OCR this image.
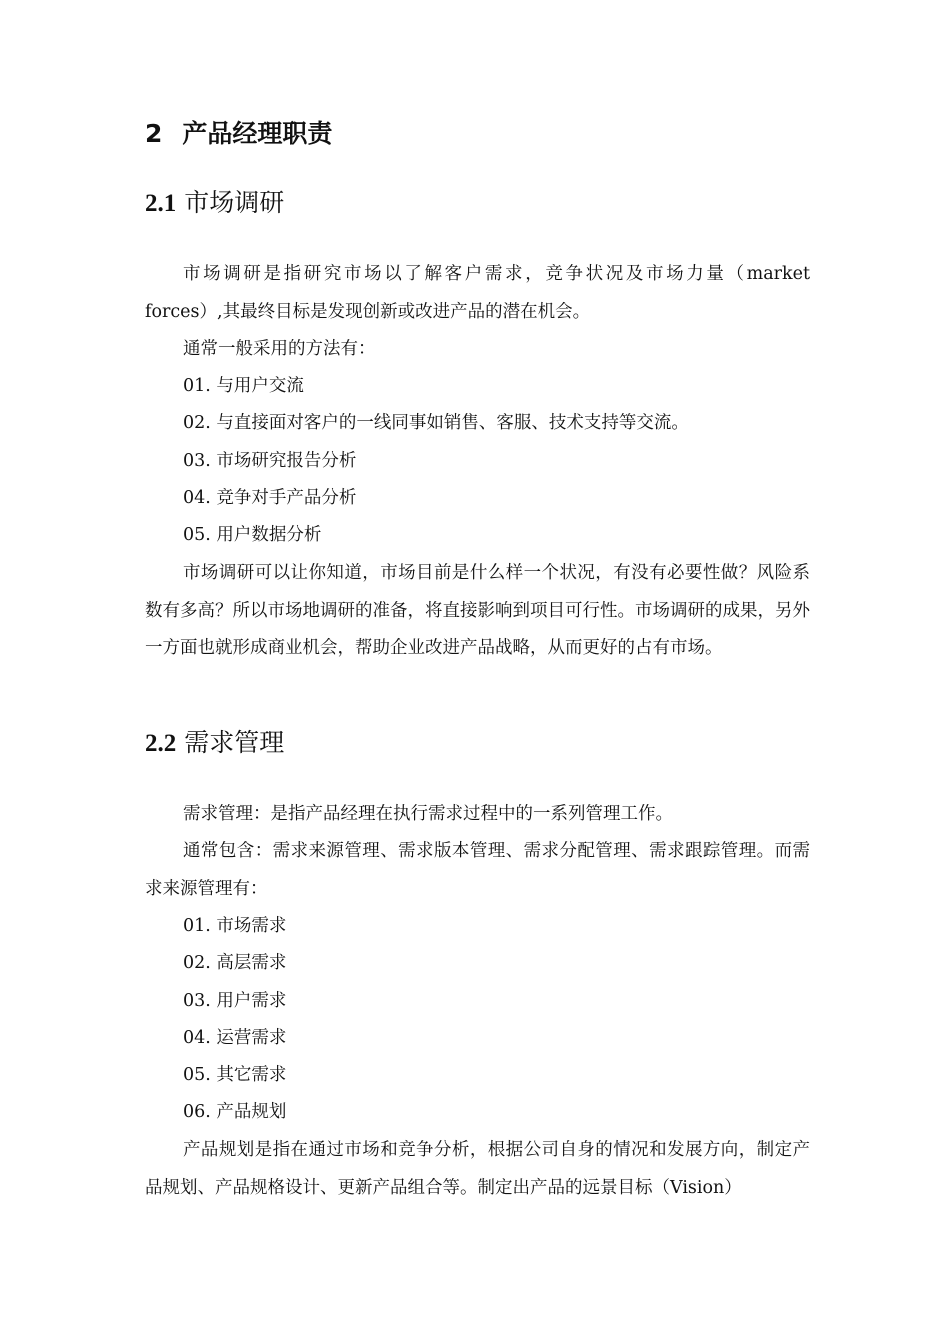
2 产品经理职责
2.1 市场调研
市场调研是指研究市场以了解客户需求，竞争状况及市场力量（market forces）,其最终目标是发现创新或改进产品的潜在机会。
通常一般采用的方法有：
01. 与用户交流
02. 与直接面对客户的一线同事如销售、客服、技术支持等交流。
03. 市场研究报告分析
04. 竞争对手产品分析
05. 用户数据分析
市场调研可以让你知道，市场目前是什么样一个状况，有没有必要性做？风险系数有多高？所以市场地调研的准备，将直接影响到项目可行性。市场调研的成果，另外一方面也就形成商业机会，帮助企业改进产品战略，从而更好的占有市场。
2.2 需求管理
需求管理：是指产品经理在执行需求过程中的一系列管理工作。
通常包含：需求来源管理、需求版本管理、需求分配管理、需求跟踪管理。而需求来源管理有：
01. 市场需求
02. 高层需求
03. 用户需求
04. 运营需求
05. 其它需求
06. 产品规划
产品规划是指在通过市场和竞争分析，根据公司自身的情况和发展方向，制定产品规划、产品规格设计、更新产品组合等。制定出产品的远景目标（Vision）
